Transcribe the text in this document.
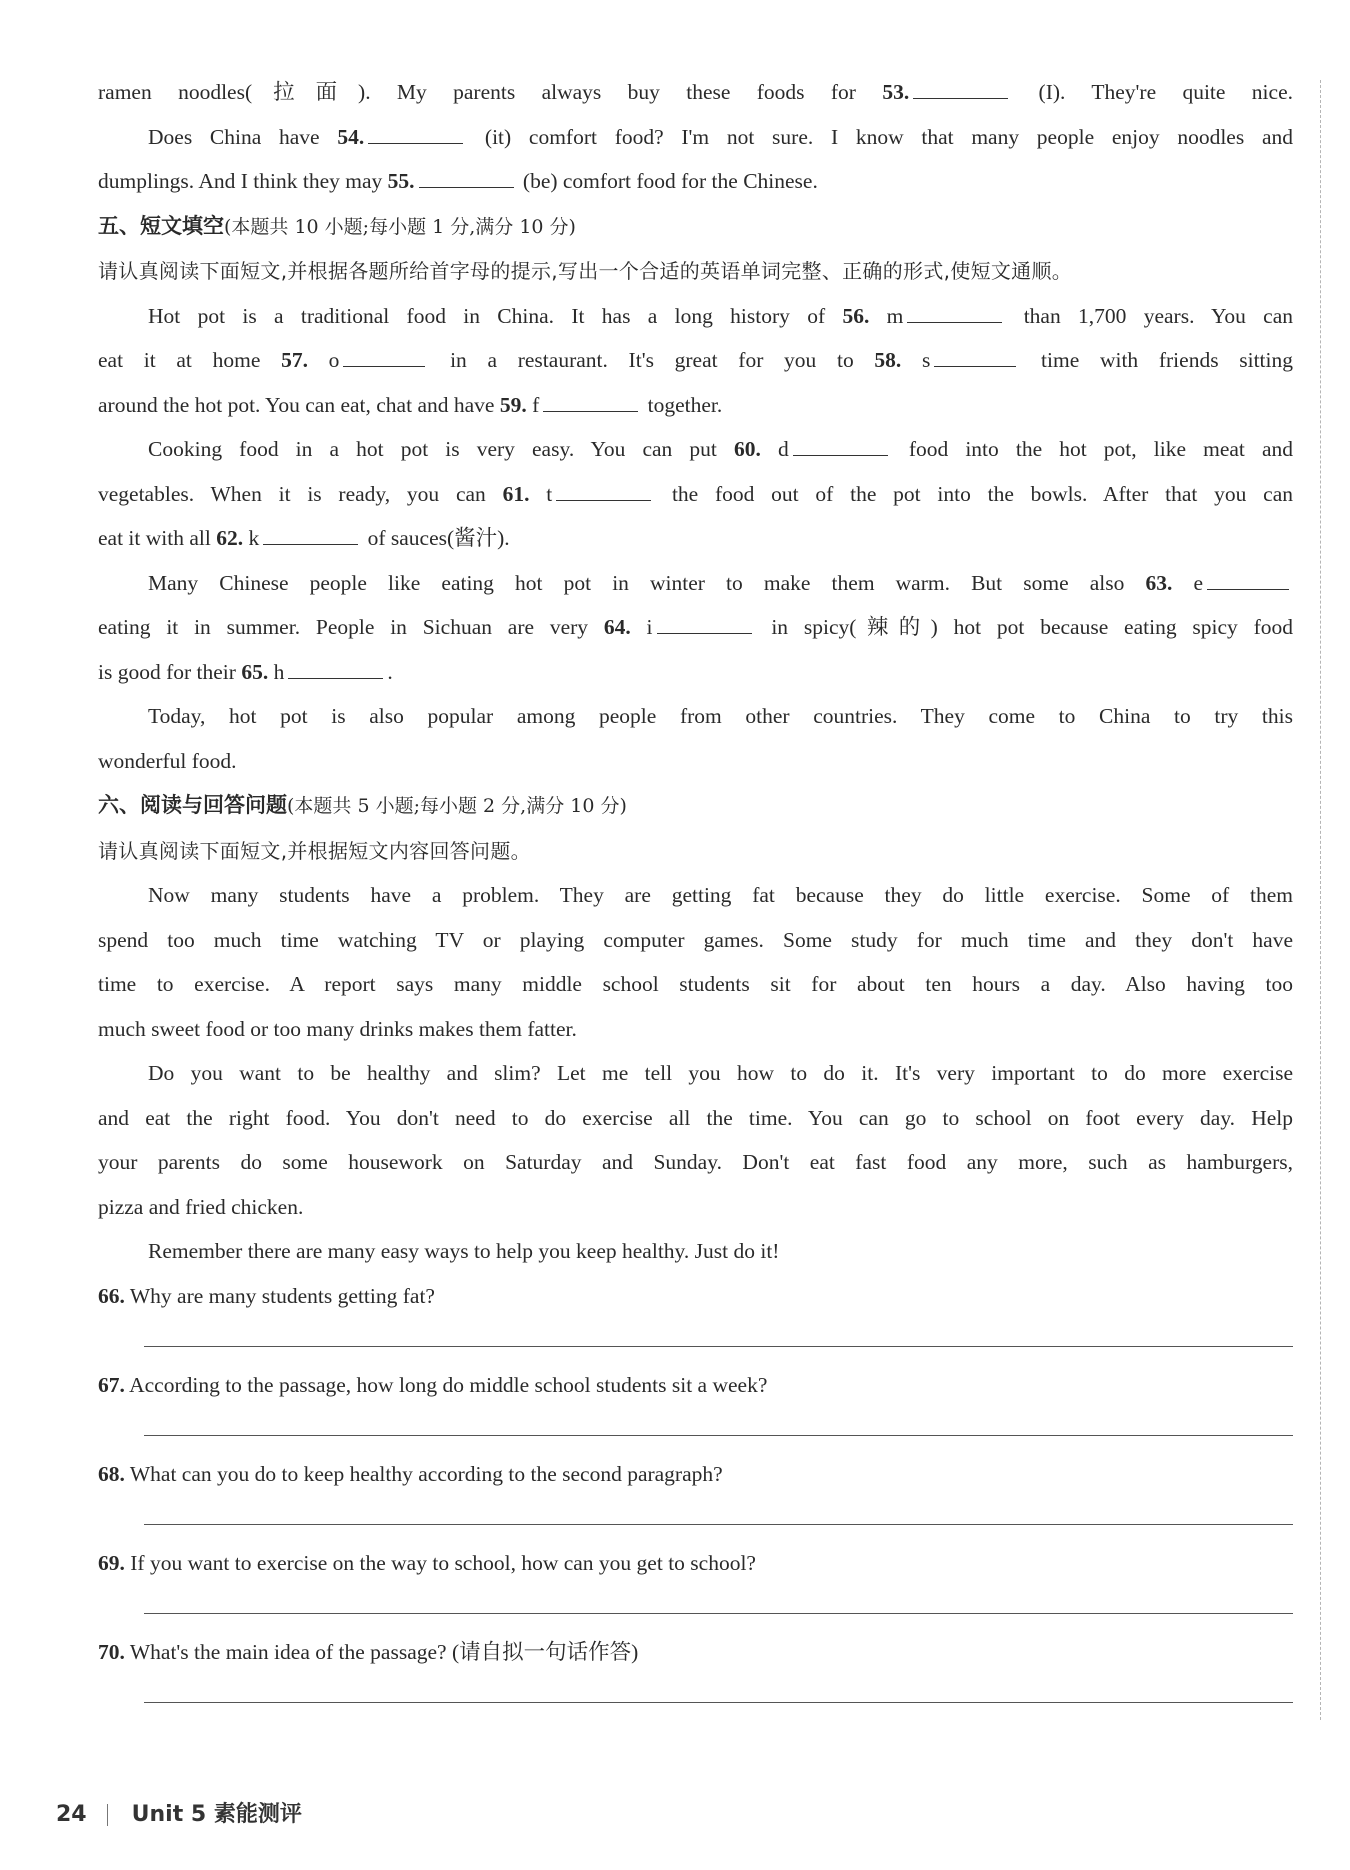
ramen noodles(拉面). My parents always buy these foods for 53.	(I). They're quite nice.
Does China have 54.	(it) comfort food? I'm not sure. I know that many people enjoy noodles and
dumplings. And I think they may 55.	(be) comfort food for the Chinese.
五、短文填空(本题共 10 小题;每小题 1 分,满分 10 分)
请认真阅读下面短文,并根据各题所给首字母的提示,写出一个合适的英语单词完整、正确的形式,使短文通顺。
Hot pot is a traditional food in China. It has a long history of 56. m	than 1,700 years. You can
eat it at home 57. o	in a restaurant. It's great for you to 58. s	time with friends sitting
around the hot pot. You can eat, chat and have 59. f	together.
Cooking food in a hot pot is very easy. You can put 60. d	food into the hot pot, like meat and
vegetables. When it is ready, you can 61. t	the food out of the pot into the bowls. After that you can
eat it with all 62. k	of sauces(酱汁).
Many Chinese people like eating hot pot in winter to make them warm. But some also 63. e
eating it in summer. People in Sichuan are very 64. i	in spicy(辣的) hot pot because eating spicy food
is good for their 65. h	.
Today, hot pot is also popular among people from other countries. They come to China to try this
wonderful food.
六、阅读与回答问题(本题共 5 小题;每小题 2 分,满分 10 分)
请认真阅读下面短文,并根据短文内容回答问题。
Now many students have a problem. They are getting fat because they do little exercise. Some of them
spend too much time watching TV or playing computer games. Some study for much time and they don't have
time to exercise. A report says many middle school students sit for about ten hours a day. Also having too
much sweet food or too many drinks makes them fatter.
Do you want to be healthy and slim? Let me tell you how to do it. It's very important to do more exercise
and eat the right food. You don't need to do exercise all the time. You can go to school on foot every day. Help
your parents do some housework on Saturday and Sunday. Don't eat fast food any more, such as hamburgers,
pizza and fried chicken.
Remember there are many easy ways to help you keep healthy. Just do it!
66. Why are many students getting fat?
67. According to the passage, how long do middle school students sit a week?
68. What can you do to keep healthy according to the second paragraph?
69. If you want to exercise on the way to school, how can you get to school?
70. What's the main idea of the passage? (请自拟一句话作答)
24 Unit 5 素能测评
